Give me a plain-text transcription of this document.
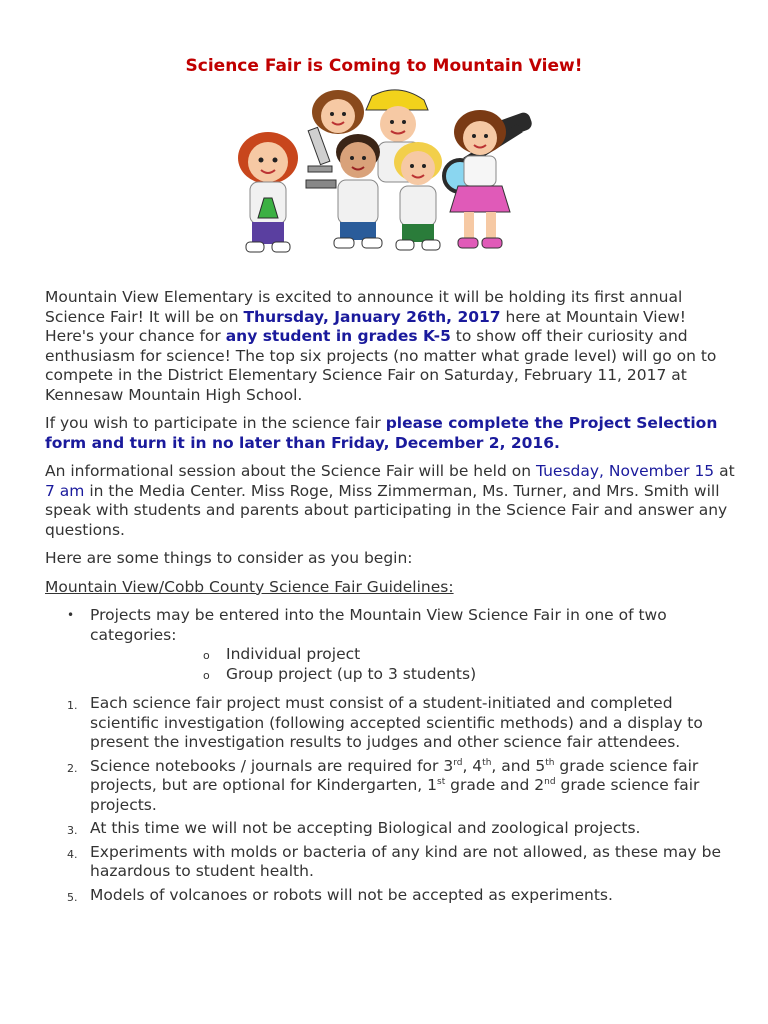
Science Fair is Coming to Mountain View!

Mountain View Elementary is excited to announce it will be holding its first annual Science Fair! It will be on Thursday, January 26th, 2017 here at Mountain View! Here's your chance for any student in grades K-5 to show off their curiosity and enthusiasm for science! The top six projects (no matter what grade level) will go on to compete in the District Elementary Science Fair on Saturday, February 11, 2017 at Kennesaw Mountain High School.

If you wish to participate in the science fair please complete the Project Selection form and turn it in no later than Friday, December 2, 2016.

An informational session about the Science Fair will be held on Tuesday, November 15 at 7 am in the Media Center. Miss Roge, Miss Zimmerman, Ms. Turner, and Mrs. Smith will speak with students and parents about participating in the Science Fair and answer any questions.

Here are some things to consider as you begin:

Mountain View/Cobb County Science Fair Guidelines:

• Projects may be entered into the Mountain View Science Fair in one of two categories:
o Individual project
o Group project (up to 3 students)
1. Each science fair project must consist of a student-initiated and completed scientific investigation (following accepted scientific methods) and a display to present the investigation results to judges and other science fair attendees.
2. Science notebooks / journals are required for 3rd, 4th, and 5th grade science fair projects, but are optional for Kindergarten, 1st grade and 2nd grade science fair projects.
3. At this time we will not be accepting Biological and zoological projects.
4. Experiments with molds or bacteria of any kind are not allowed, as these may be hazardous to student health.
5. Models of volcanoes or robots will not be accepted as experiments.
